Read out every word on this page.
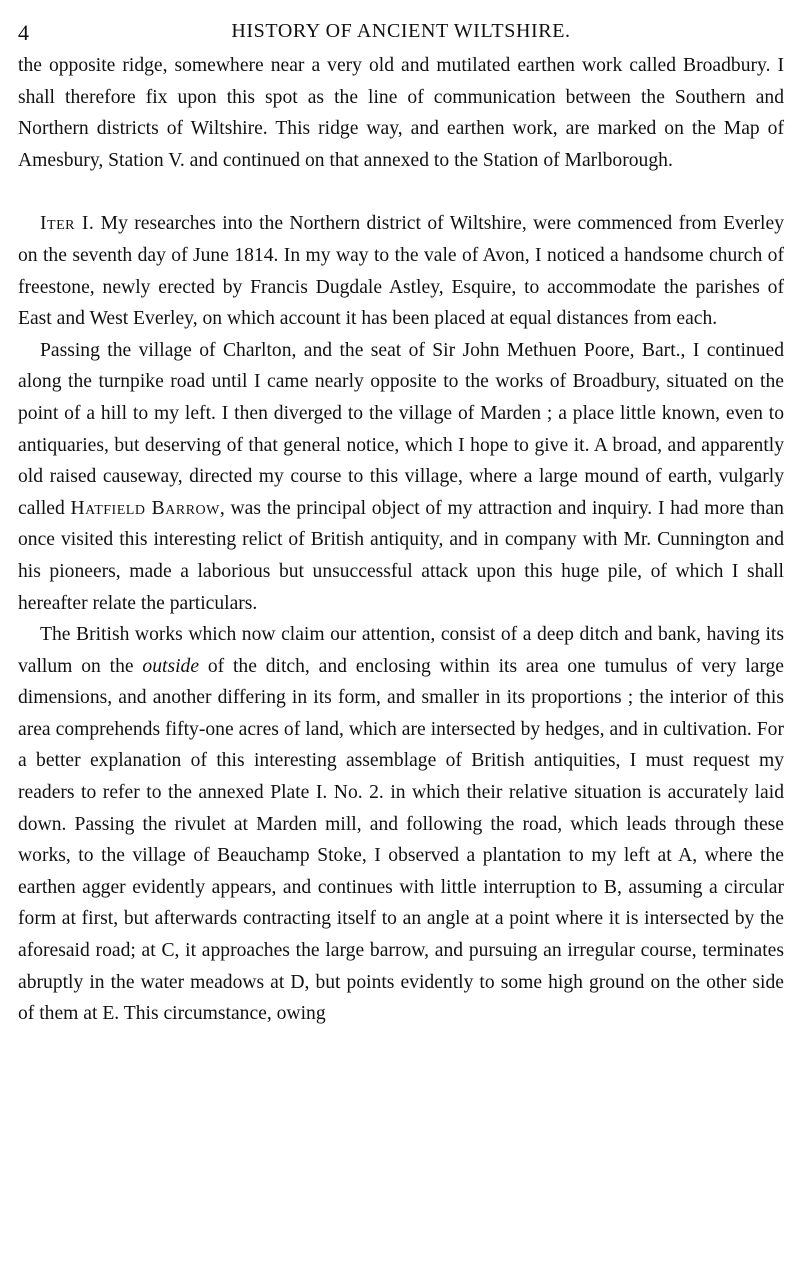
4	HISTORY OF ANCIENT WILTSHIRE.

the opposite ridge, somewhere near a very old and mutilated earthen work called Broadbury. I shall therefore fix upon this spot as the line of communication between the Southern and Northern districts of Wiltshire. This ridge way, and earthen work, are marked on the Map of Amesbury, Station V. and continued on that annexed to the Station of Marlborough.

Iter I. My researches into the Northern district of Wiltshire, were commenced from Everley on the seventh day of June 1814. In my way to the vale of Avon, I noticed a handsome church of freestone, newly erected by Francis Dugdale Astley, Esquire, to accommodate the parishes of East and West Everley, on which account it has been placed at equal distances from each.

Passing the village of Charlton, and the seat of Sir John Methuen Poore, Bart., I continued along the turnpike road until I came nearly opposite to the works of Broadbury, situated on the point of a hill to my left. I then diverged to the village of Marden ; a place little known, even to antiquaries, but deserving of that general notice, which I hope to give it. A broad, and apparently old raised causeway, directed my course to this village, where a large mound of earth, vulgarly called Hatfield Barrow, was the principal object of my attraction and inquiry. I had more than once visited this interesting relict of British antiquity, and in company with Mr. Cunnington and his pioneers, made a laborious but unsuccessful attack upon this huge pile, of which I shall hereafter relate the particulars.

The British works which now claim our attention, consist of a deep ditch and bank, having its vallum on the outside of the ditch, and enclosing within its area one tumulus of very large dimensions, and another differing in its form, and smaller in its proportions ; the interior of this area comprehends fifty-one acres of land, which are intersected by hedges, and in cultivation. For a better explanation of this interesting assemblage of British antiquities, I must request my readers to refer to the annexed Plate I. No. 2. in which their relative situation is accurately laid down. Passing the rivulet at Marden mill, and following the road, which leads through these works, to the village of Beauchamp Stoke, I observed a plantation to my left at A, where the earthen agger evidently appears, and continues with little interruption to B, assuming a circular form at first, but afterwards contracting itself to an angle at a point where it is intersected by the aforesaid road; at C, it approaches the large barrow, and pursuing an irregular course, terminates abruptly in the water meadows at D, but points evidently to some high ground on the other side of them at E. This circumstance, owing
